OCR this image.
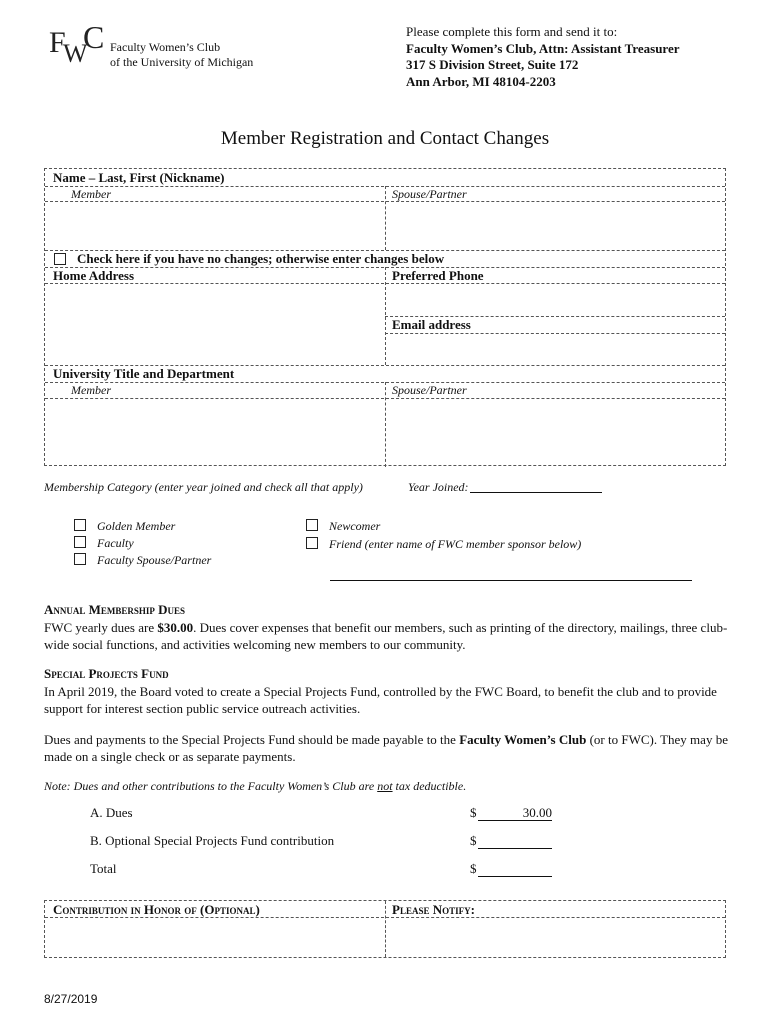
F
W
C Faculty Women’s Club
of the University of Michigan
Please complete this form and send it to:
Faculty Women’s Club, Attn: Assistant Treasurer
317 S Division Street, Suite 172
Ann Arbor, MI 48104-2203
Member Registration and Contact Changes
Name – Last, First (Nickname)
Member	Spouse/Partner
Check here if you have no changes; otherwise enter changes below
Home Address	Preferred Phone
Email address
University Title and Department
Member	Spouse/Partner
Membership Category (enter year joined and check all that apply)	Year Joined:
Golden Member
Faculty
Faculty Spouse/Partner
Newcomer
Friend (enter name of FWC member sponsor below)
Annual Membership Dues
FWC yearly dues are $30.00. Dues cover expenses that benefit our members, such as printing of the directory, mailings, three club-wide social functions, and activities welcoming new members to our community.
Special Projects Fund
In April 2019, the Board voted to create a Special Projects Fund, controlled by the FWC Board, to benefit the club and to provide support for interest section public service outreach activities.
Dues and payments to the Special Projects Fund should be made payable to the Faculty Women’s Club (or to FWC). They may be made on a single check or as separate payments.
Note: Dues and other contributions to the Faculty Women’s Club are not tax deductible.
A. Dues	$	30.00
B. Optional Special Projects Fund contribution	$
Total	$
Contribution in Honor of (Optional)	Please Notify:
8/27/2019
